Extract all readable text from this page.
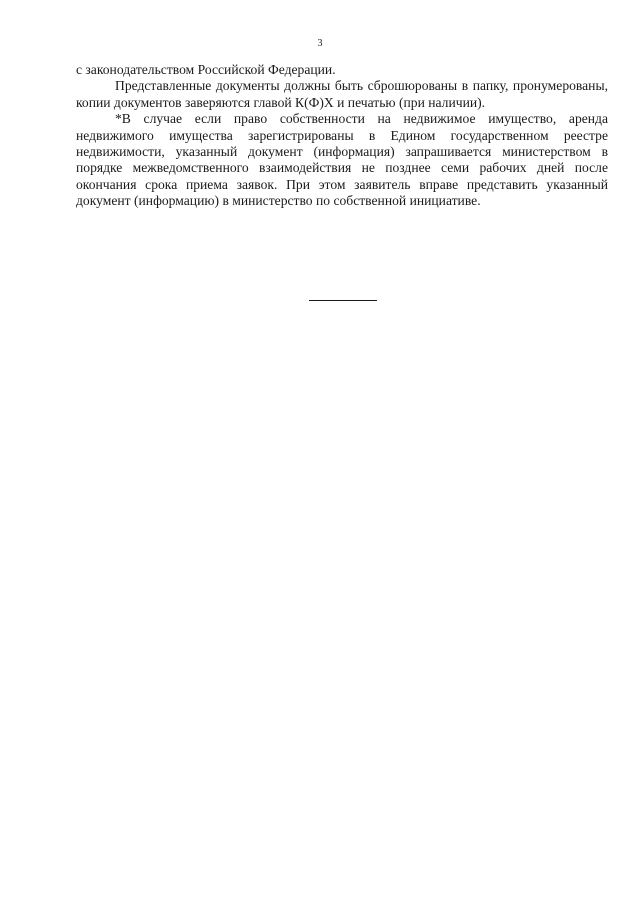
3

с законодательством Российской Федерации.

Представленные документы должны быть сброшюрованы в папку, пронумерованы, копии документов заверяются главой К(Ф)Х и печатью (при наличии).

*В случае если право собственности на недвижимое имущество, аренда недвижимого имущества зарегистрированы в Едином государственном реестре недвижимости, указанный документ (информация) запрашивается министерством в порядке межведомственного взаимодействия не позднее семи рабочих дней после окончания срока приема заявок. При этом заявитель вправе представить указанный документ (информацию) в министерство по собственной инициативе.
